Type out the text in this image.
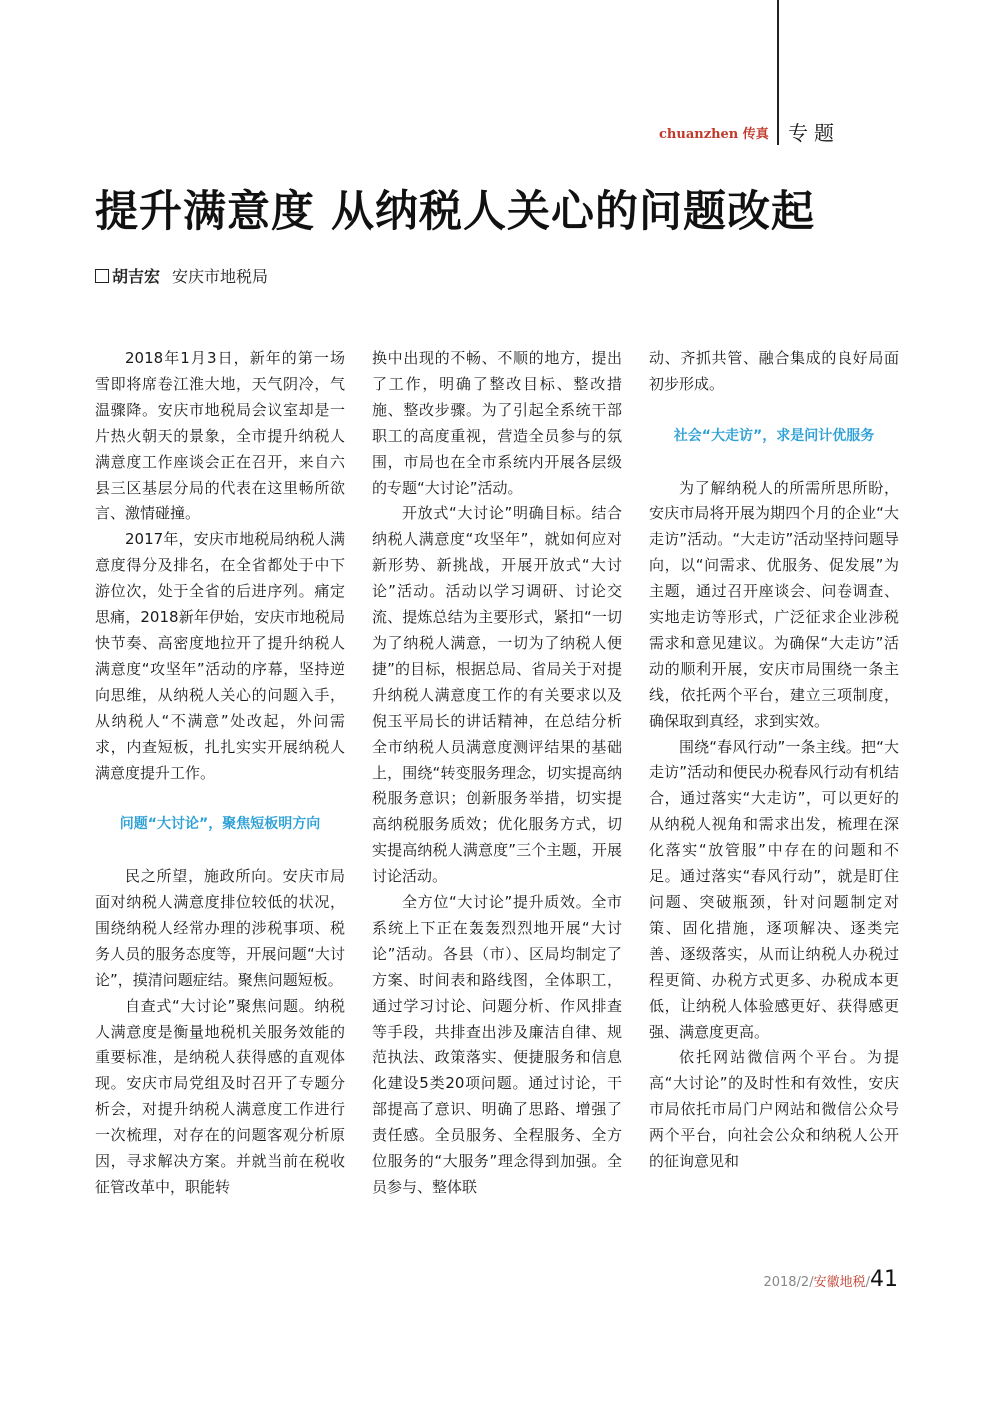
chuanzhen 传真 专题
提升满意度 从纳税人关心的问题改起
胡吉宏 安庆市地税局

2018年1月3日，新年的第一场雪即将席卷江淮大地，天气阴冷，气温骤降。安庆市地税局会议室却是一片热火朝天的景象，全市提升纳税人满意度工作座谈会正在召开，来自六县三区基层分局的代表在这里畅所欲言、激情碰撞。

2017年，安庆市地税局纳税人满意度得分及排名，在全省都处于中下游位次，处于全省的后进序列。痛定思痛，2018新年伊始，安庆市地税局快节奏、高密度地拉开了提升纳税人满意度“攻坚年”活动的序幕，坚持逆向思维，从纳税人关心的问题入手，从纳税人“不满意”处改起，外问需求，内查短板，扎扎实实开展纳税人满意度提升工作。

问题“大讨论”，聚焦短板明方向

民之所望，施政所向。安庆市局面对纳税人满意度排位较低的状况，围绕纳税人经常办理的涉税事项、税务人员的服务态度等，开展问题“大讨论”，摸清问题症结。聚焦问题短板。

自查式“大讨论”聚焦问题。纳税人满意度是衡量地税机关服务效能的重要标准，是纳税人获得感的直观体现。安庆市局党组及时召开了专题分析会，对提升纳税人满意度工作进行一次梳理，对存在的问题客观分析原因，寻求解决方案。并就当前在税收征管改革中，职能转

换中出现的不畅、不顺的地方，提出了工作，明确了整改目标、整改措施、整改步骤。为了引起全系统干部职工的高度重视，营造全员参与的氛围，市局也在全市系统内开展各层级的专题“大讨论”活动。

开放式“大讨论”明确目标。结合纳税人满意度“攻坚年”，就如何应对新形势、新挑战，开展开放式“大讨论”活动。活动以学习调研、讨论交流、提炼总结为主要形式，紧扣“一切为了纳税人满意，一切为了纳税人便捷”的目标，根据总局、省局关于对提升纳税人满意度工作的有关要求以及倪玉平局长的讲话精神，在总结分析全市纳税人员满意度测评结果的基础上，围绕“转变服务理念，切实提高纳税服务意识；创新服务举措，切实提高纳税服务质效；优化服务方式，切实提高纳税人满意度”三个主题，开展讨论活动。

全方位“大讨论”提升质效。全市系统上下正在轰轰烈烈地开展“大讨论”活动。各县（市）、区局均制定了方案、时间表和路线图，全体职工，通过学习讨论、问题分析、作风排查等手段，共排查出涉及廉洁自律、规范执法、政策落实、便捷服务和信息化建设5类20项问题。通过讨论，干部提高了意识、明确了思路、增强了责任感。全员服务、全程服务、全方位服务的“大服务”理念得到加强。全员参与、整体联

动、齐抓共管、融合集成的良好局面初步形成。

社会“大走访”，求是问计优服务

为了解纳税人的所需所思所盼，安庆市局将开展为期四个月的企业“大走访”活动。“大走访”活动坚持问题导向，以“问需求、优服务、促发展”为主题，通过召开座谈会、问卷调查、实地走访等形式，广泛征求企业涉税需求和意见建议。为确保“大走访”活动的顺利开展，安庆市局围绕一条主线，依托两个平台，建立三项制度，确保取到真经，求到实效。

围绕“春风行动”一条主线。把“大走访”活动和便民办税春风行动有机结合，通过落实“大走访”，可以更好的从纳税人视角和需求出发，梳理在深化落实“放管服”中存在的问题和不足。通过落实“春风行动”，就是盯住问题、突破瓶颈，针对问题制定对策、固化措施，逐项解决、逐类完善、逐级落实，从而让纳税人办税过程更简、办税方式更多、办税成本更低，让纳税人体验感更好、获得感更强、满意度更高。

依托网站微信两个平台。为提高“大讨论”的及时性和有效性，安庆市局依托市局门户网站和微信公众号两个平台，向社会公众和纳税人公开的征询意见和

2018/2/安徽地税/41
